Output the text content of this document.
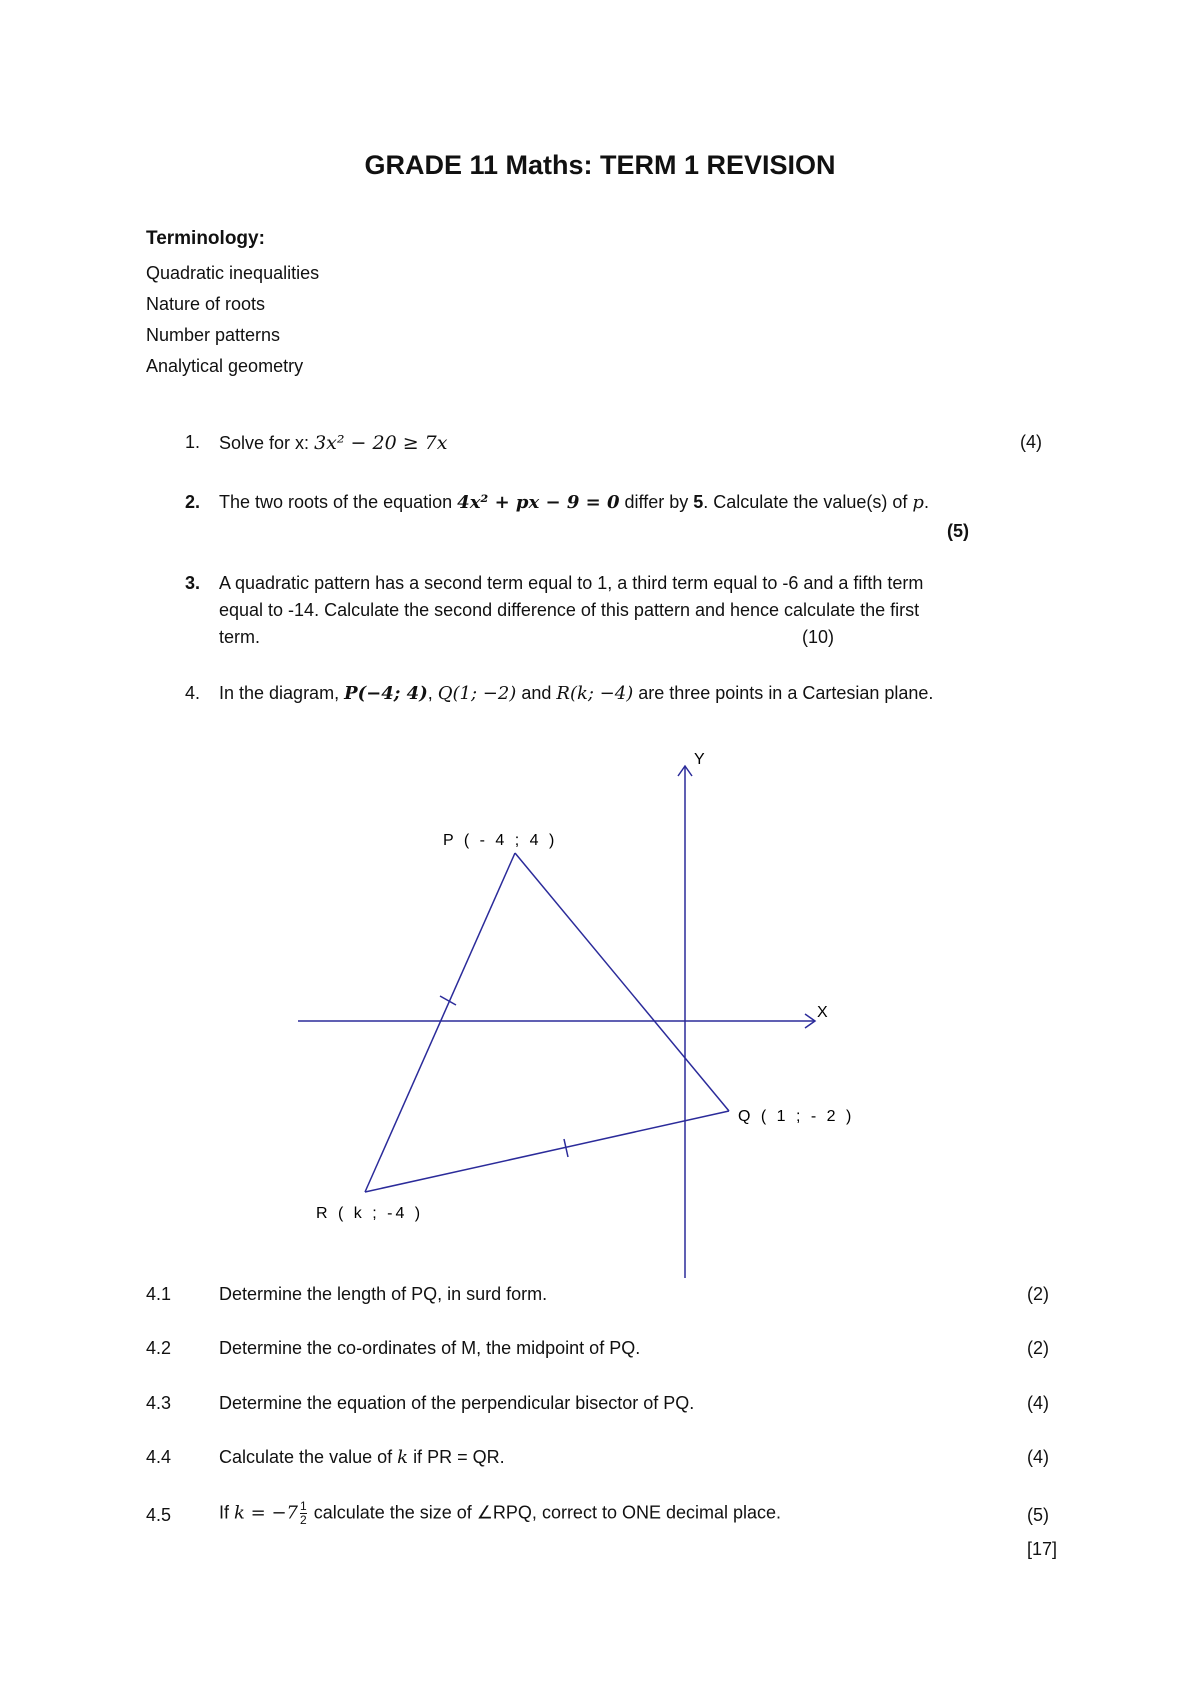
GRADE 11 Maths: TERM 1 REVISION
Terminology:
Quadratic inequalities
Nature of roots
Number patterns
Analytical geometry
1. Solve for x: 3x² − 20 ≥ 7x	(4)
2. The two roots of the equation 4x² + px − 9 = 0 differ by 5. Calculate the value(s) of p.
(5)
3. A quadratic pattern has a second term equal to 1, a third term equal to -6 and a fifth term
equal to -14. Calculate the second difference of this pattern and hence calculate the first
term.	(10)
4. In the diagram, P(−4; 4), Q(1; −2) and R(k; −4) are three points in a Cartesian plane.
Y
X
P ( - 4 ; 4 )
Q ( 1 ; - 2 )
R ( k ; -4 )
4.1	Determine the length of PQ, in surd form.	(2)
4.2	Determine the co-ordinates of M, the midpoint of PQ.	(2)
4.3	Determine the equation of the perpendicular bisector of PQ.	(4)
4.4	Calculate the value of k if PR = QR.	(4)
4.5	If $k = -7 \frac{1}{2}$ calculate the size of ∠RPQ, correct to ONE decimal place.	(5)
[17]
